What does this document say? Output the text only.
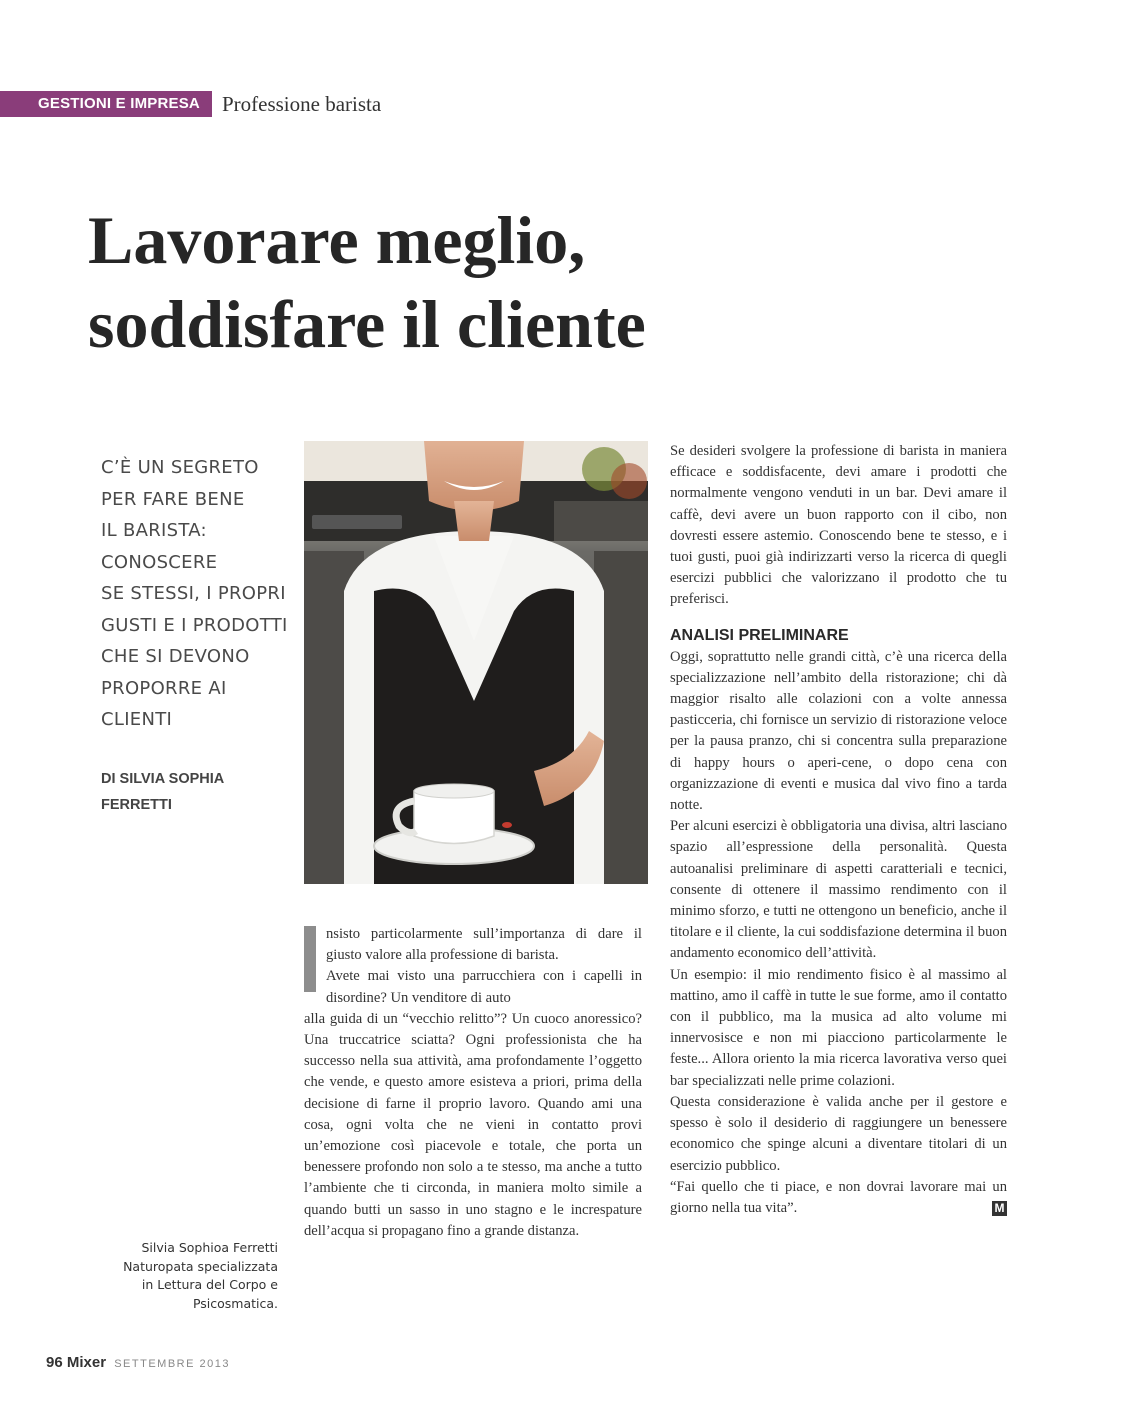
GESTIONI E IMPRESA	Professione barista
Lavorare meglio,
soddisfare il cliente

C’È UN SEGRETO
PER FARE BENE
IL BARISTA:
CONOSCERE
SE STESSI, I PROPRI
GUSTI E I PRODOTTI
CHE SI DEVONO
PROPORRE AI
CLIENTI

DI SILVIA SOPHIA
FERRETTI

nsisto particolarmente sull’importanza di dare il giusto valore alla professione di barista.

Avete mai visto una parrucchiera con i capelli in disordine? Un venditore di auto

alla guida di un “vecchio relitto”? Un cuoco anoressico? Una truccatrice sciatta? Ogni professionista che ha successo nella sua attività, ama profondamente l’oggetto che vende, e questo amore esisteva a priori, prima della decisione di farne il proprio lavoro. Quando ami una cosa, ogni volta che ne vieni in contatto provi un’emozione così piacevole e totale, che porta un benessere profondo non solo a te stesso, ma anche a tutto l’ambiente che ti circonda, in maniera molto simile a quando butti un sasso in uno stagno e le increspature dell’acqua si propagano fino a grande distanza.

Se desideri svolgere la professione di barista in maniera efficace e soddisfacente, devi amare i prodotti che normalmente vengono venduti in un bar. Devi amare il caffè, devi avere un buon rapporto con il cibo, non dovresti essere astemio. Conoscendo bene te stesso, e i tuoi gusti, puoi già indirizzarti verso la ricerca di quegli esercizi pubblici che valorizzano il prodotto che tu preferisci.

ANALISI PRELIMINARE

Oggi, soprattutto nelle grandi città, c’è una ricerca della specializzazione nell’ambito della ristorazione; chi dà maggior risalto alle colazioni con a volte annessa pasticceria, chi fornisce un servizio di ristorazione veloce per la pausa pranzo, chi si concentra sulla preparazione di happy hours o aperi-cene, o dopo cena con organizzazione di eventi e musica dal vivo fino a tarda notte.

Per alcuni esercizi è obbligatoria una divisa, altri lasciano spazio all’espressione della personalità. Questa autoanalisi preliminare di aspetti caratteriali e tecnici, consente di ottenere il massimo rendimento con il minimo sforzo, e tutti ne ottengono un beneficio, anche il titolare e il cliente, la cui soddisfazione determina il buon andamento economico dell’attività.

Un esempio: il mio rendimento fisico è al massimo al mattino, amo il caffè in tutte le sue forme, amo il contatto con il pubblico, ma la musica ad alto volume mi innervosisce e non mi piacciono particolarmente le feste... Allora oriento la mia ricerca lavorativa verso quei bar specializzati nelle prime colazioni.

Questa considerazione è valida anche per il gestore e spesso è solo il desiderio di raggiungere un benessere economico che spinge alcuni a diventare titolari di un esercizio pubblico.

“Fai quello che ti piace, e non dovrai lavorare mai un giorno nella tua vita”.	M

Silvia Sophioa Ferretti
Naturopata specializzata
in Lettura del Corpo e
Psicosmatica.
96 Mixer SETTEMBRE 2013
